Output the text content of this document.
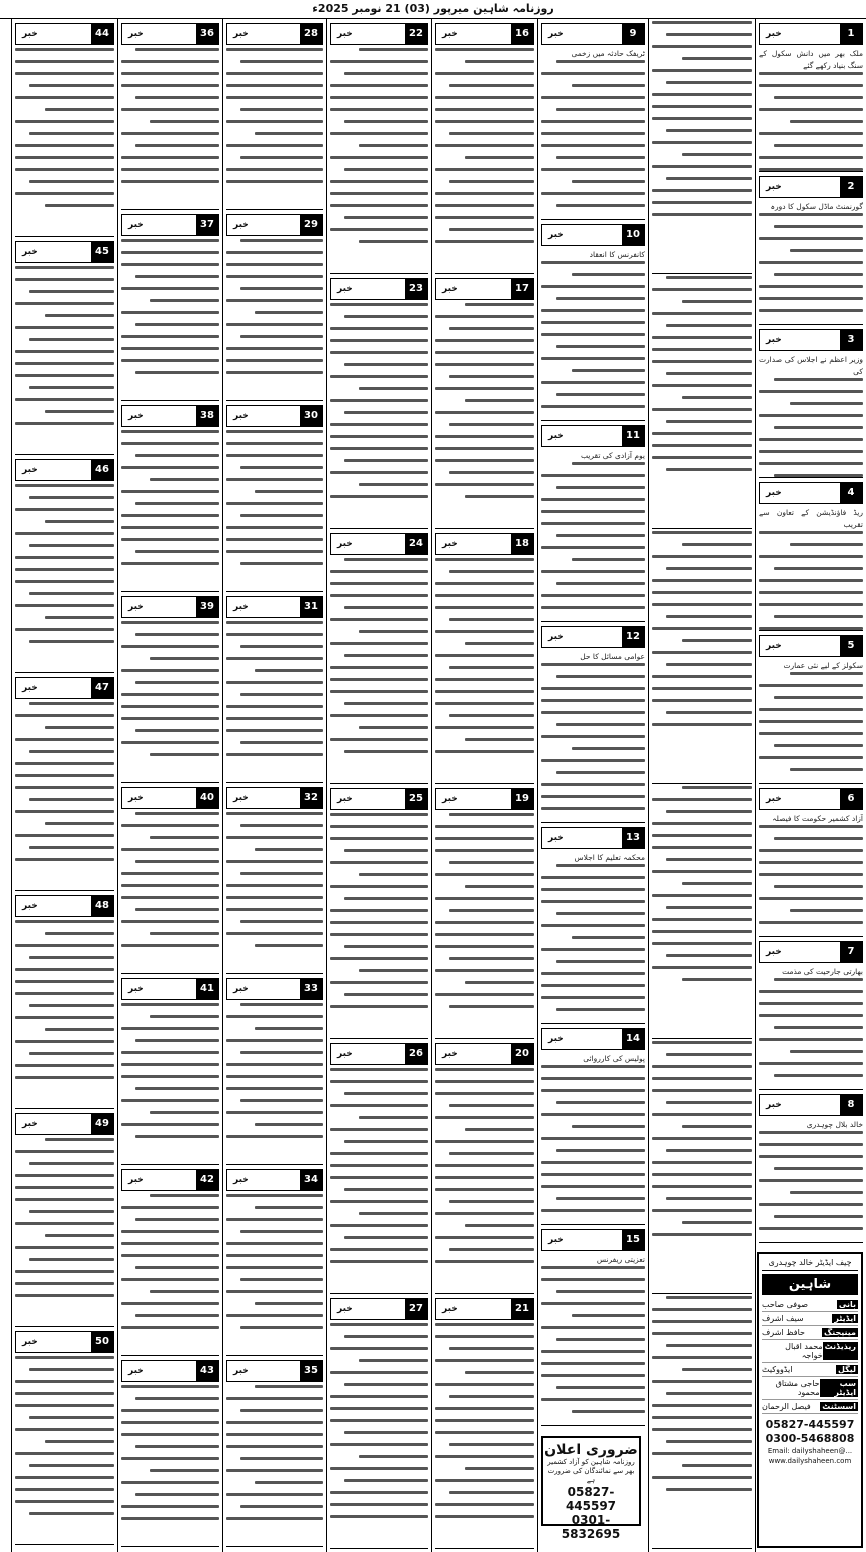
روزنامہ شاہین میرپور (03) 21 نومبر 2025ء
1
خبر
ملک بھر میں دانش سکول کے سنگ بنیاد رکھے گئے
2
خبر
گورنمنٹ ماڈل سکول کا دورہ
3
خبر
وزیر اعظم نے اجلاس کی صدارت کی
4
خبر
ریڈ فاؤنڈیشن کے تعاون سے تقریب
5
خبر
سکولز کے لیے نئی عمارت
6
خبر
آزاد کشمیر حکومت کا فیصلہ
7
خبر
بھارتی جارحیت کی مذمت
8
خبر
خالد بلال چوہدری
9
خبر
ٹریفک حادثہ میں زخمی
10
خبر
کانفرنس کا انعقاد
11
خبر
یوم آزادی کی تقریب
12
خبر
عوامی مسائل کا حل
13
خبر
محکمہ تعلیم کا اجلاس
14
خبر
پولیس کی کارروائی
15
خبر
تعزیتی ریفرنس
16
خبر
17
خبر
18
خبر
19
خبر
20
خبر
21
خبر
22
خبر
23
خبر
24
خبر
25
خبر
26
خبر
27
خبر
28
خبر
29
خبر
30
خبر
31
خبر
32
خبر
33
خبر
34
خبر
35
خبر
36
خبر
37
خبر
38
خبر
39
خبر
40
خبر
41
خبر
42
خبر
43
خبر
44
خبر
45
خبر
46
خبر
47
خبر
48
خبر
49
خبر
50
خبر
چیف ایڈیٹر خالد چوہدری
شاہین
بانی
صوفی صاحب
ایڈیٹر
سیف اشرف
مینیجنگ
حافظ اشرف
ریذیڈنٹ
محمد اقبال خواجہ
لیگل
ایڈووکیٹ
سب ایڈیٹر
حاجی مشتاق محمود
اسسٹنٹ
فیصل الرحمان
05827-445597
0300-5468808
Email: dailyshaheen@...
www.dailyshaheen.com
ضروری اعلان
روزنامہ شاہین کو آزاد کشمیر بھر سے نمائندگان کی ضرورت ہے
05827-445597
0301-5832695
